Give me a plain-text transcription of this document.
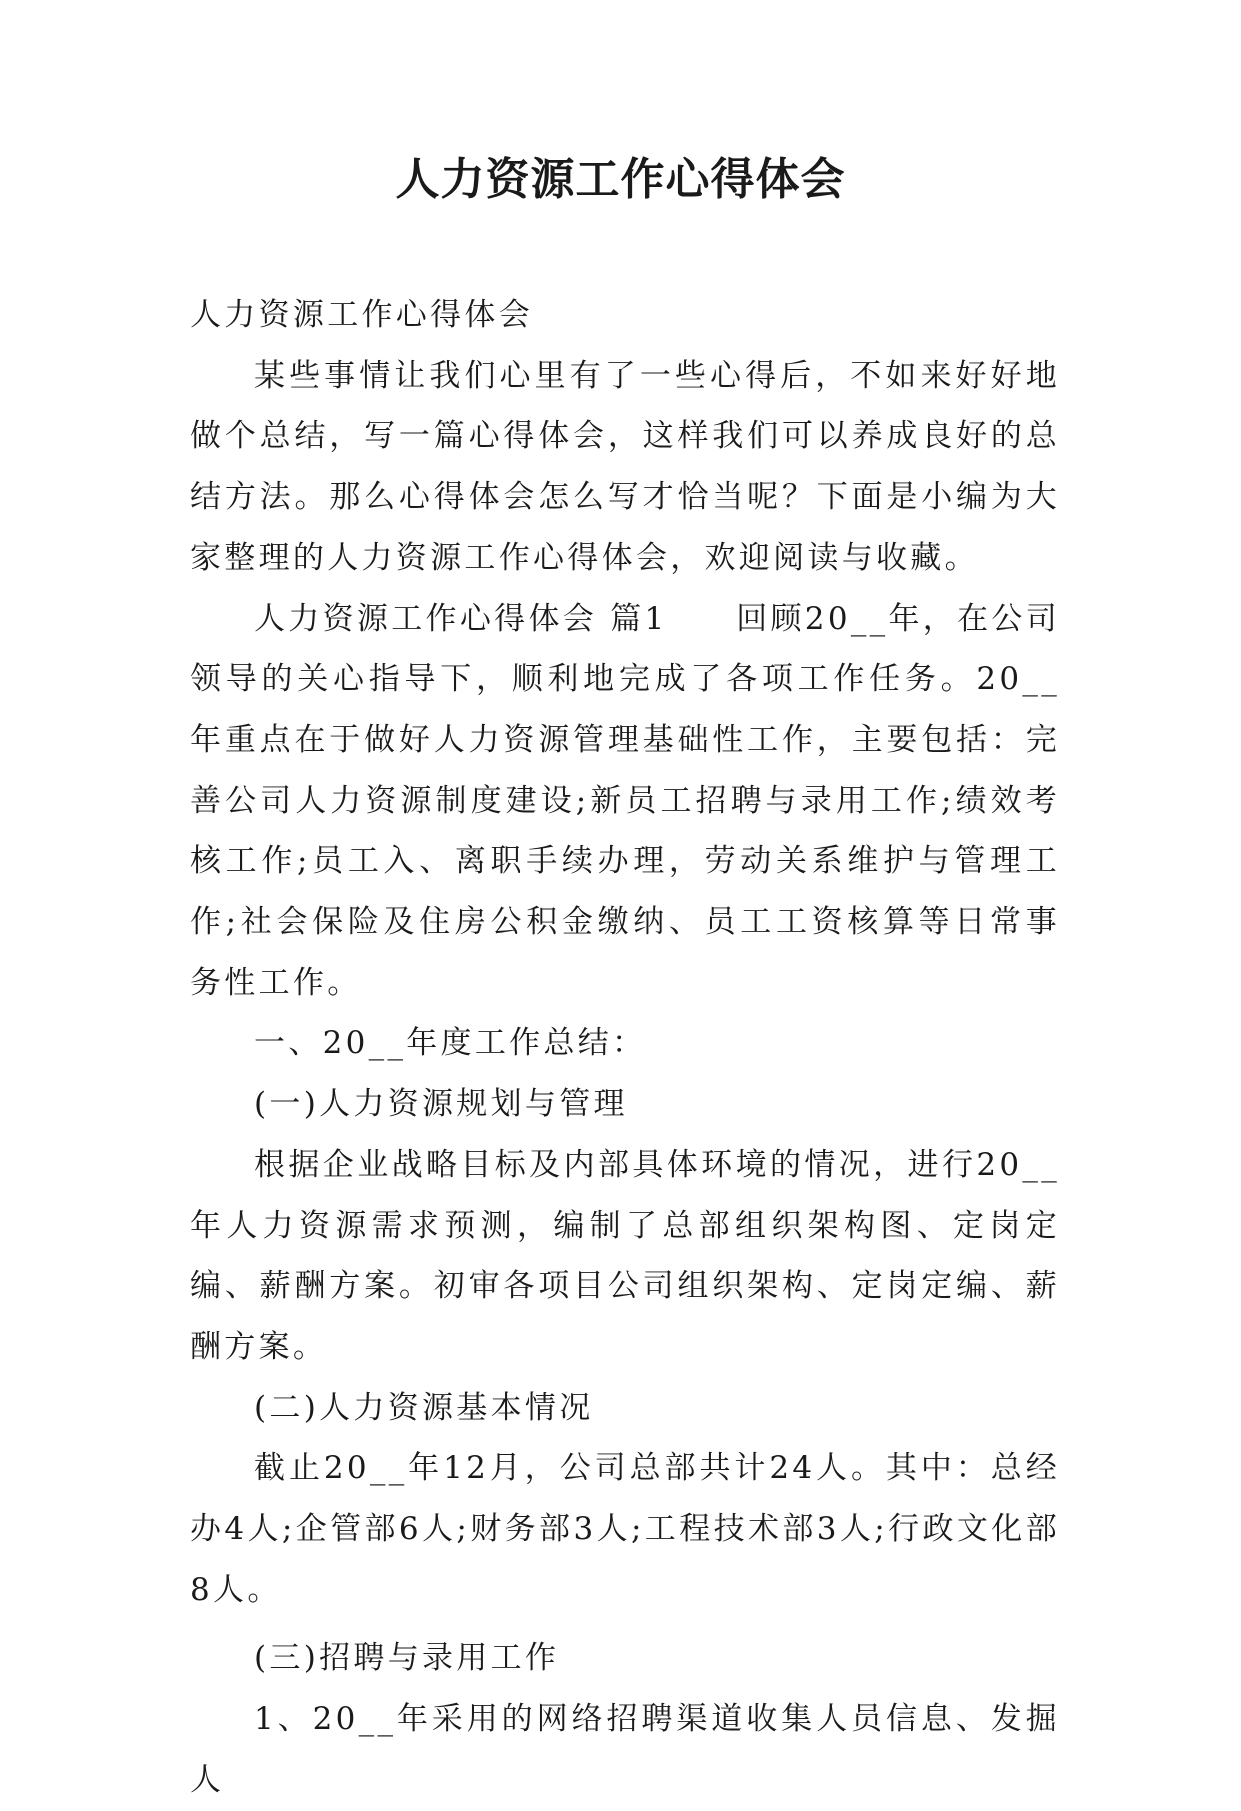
人力资源工作心得体会

人力资源工作心得体会

某些事情让我们心里有了一些心得后，不如来好好地做个总结，写一篇心得体会，这样我们可以养成良好的总结方法。那么心得体会怎么写才恰当呢？下面是小编为大家整理的人力资源工作心得体会，欢迎阅读与收藏。

人力资源工作心得体会 篇1　　回顾20__年，在公司领导的关心指导下，顺利地完成了各项工作任务。20__年重点在于做好人力资源管理基础性工作，主要包括：完善公司人力资源制度建设;新员工招聘与录用工作;绩效考核工作;员工入、离职手续办理，劳动关系维护与管理工作;社会保险及住房公积金缴纳、员工工资核算等日常事务性工作。

一、20__年度工作总结：

(一)人力资源规划与管理

根据企业战略目标及内部具体环境的情况，进行20__年人力资源需求预测，编制了总部组织架构图、定岗定编、薪酬方案。初审各项目公司组织架构、定岗定编、薪酬方案。

(二)人力资源基本情况

截止20__年12月，公司总部共计24人。其中：总经办4人;企管部6人;财务部3人;工程技术部3人;行政文化部8人。

(三)招聘与录用工作

1、20__年采用的网络招聘渠道收集人员信息、发掘人
